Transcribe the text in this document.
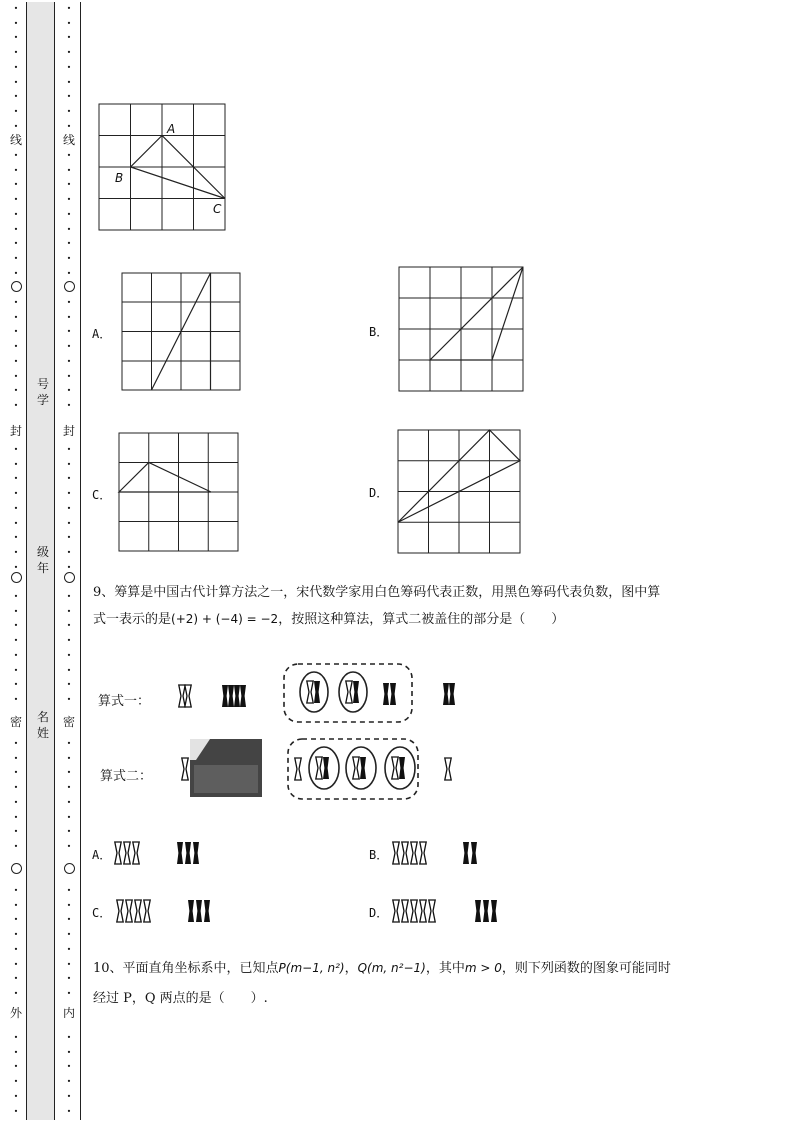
线
封
密
外
线
封
密
内
号学
级年
名姓
A
B
C
A．	B．
C．	D．
9、筹算是中国古代计算方法之一，宋代数学家用白色筹码代表正数，用黑色筹码代表负数，图中算
式一表示的是(+2) + (−4) = −2，按照这种算法，算式二被盖住的部分是（　　）
算式一：
算式二：
A．	B．
C．	D．
10、平面直角坐标系中，已知点P(m−1, n²)，Q(m, n²−1)，其中m > 0，则下列函数的图象可能同时
经过 P，Q 两点的是（　　）.
·
·
·
·
·
·
·
·
·
·
·
·
·
·
·
·
·
·
·
·
·
·
·
·
·
·
·
·
·
·
·
·
·
·
·
·
·
·
·
·
·
·
·
·
·
·
·
·
·
·
·
·
·
·
·
·
·
·
·
·
·
·
·
·
·
·
·
·
·
·
·
·
·
·
·
·
·
·
·
·
·
·
·
·
·
·
·
·
·
·
·
·
·
·
·
·
·
·
·
·
·
·
·
·
·
·
·
·
·
·
·
·
·
·
·
·
·
·
·
·
·
·
·
·
·
·
·
·
·
·
